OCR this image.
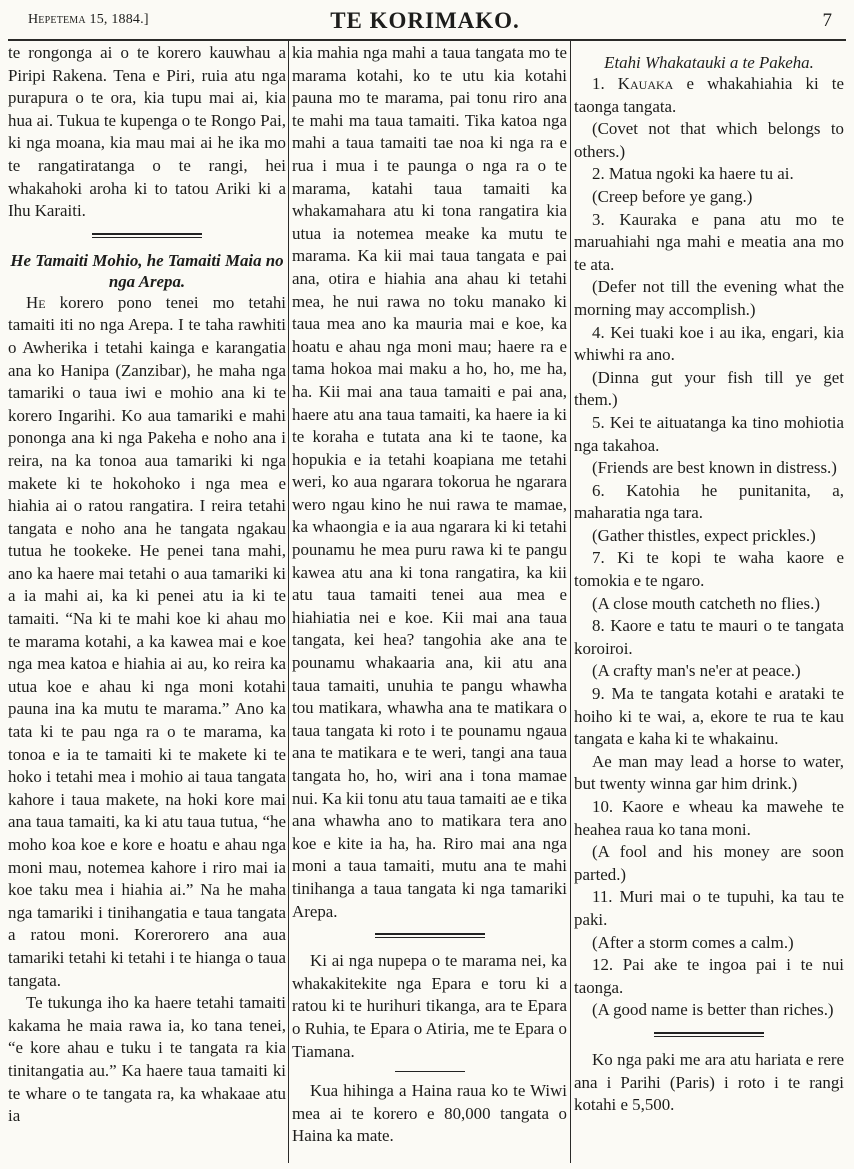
Hepetema 15, 1884.]	TE KORIMAKO.	7

te rongonga ai o te korero kauwhau a Piripi Rakena. Tena e Piri, ruia atu nga purapura o te ora, kia tupu mai ai, kia hua ai. Tukua te kupenga o te Rongo Pai, ki nga moana, kia mau mai ai he ika mo te rangatiratanga o te rangi, hei whakahoki aroha ki to tatou Ariki ki a Ihu Karaiti.

He Tamaiti Mohio, he Tamaiti Maia no nga Arepa.

He korero pono tenei mo tetahi tamaiti iti no nga Arepa. I te taha rawhiti o Awherika i tetahi kainga e karangatia ana ko Hanipa (Zanzibar), he maha nga tamariki o taua iwi e mohio ana ki te korero Ingarihi. Ko aua tamariki e mahi pononga ana ki nga Pakeha e noho ana i reira, na ka tonoa aua tamariki ki nga makete ki te hokohoko i nga mea e hiahia ai o ratou rangatira. I reira tetahi tangata e noho ana he tangata ngakau tutua he tookeke. He penei tana mahi, ano ka haere mai tetahi o aua tamariki ki a ia mahi ai, ka ki penei atu ia ki te tamaiti. “Na ki te mahi koe ki ahau mo te marama kotahi, a ka kawea mai e koe nga mea katoa e hiahia ai au, ko reira ka utua koe e ahau ki nga moni kotahi pauna ina ka mutu te marama.” Ano ka tata ki te pau nga ra o te marama, ka tonoa e ia te tamaiti ki te makete ki te hoko i tetahi mea i mohio ai taua tangata kahore i taua makete, na hoki kore mai ana taua tamaiti, ka ki atu taua tutua, “he moho koa koe e kore e hoatu e ahau nga moni mau, notemea kahore i riro mai ia koe taku mea i hiahia ai.” Na he maha nga tamariki i tinihangatia e taua tangata a ratou moni. Korerorero ana aua tamariki tetahi ki tetahi i te hianga o taua tangata.

Te tukunga iho ka haere tetahi tamaiti kakama he maia rawa ia, ko tana tenei, “e kore ahau e tuku i te tangata ra kia tinitangatia au.” Ka haere taua tamaiti ki te whare o te tangata ra, ka whakaae atu ia

kia mahia nga mahi a taua tangata mo te marama kotahi, ko te utu kia kotahi pauna mo te marama, pai tonu riro ana te mahi ma taua tamaiti. Tika katoa nga mahi a taua tamaiti tae noa ki nga ra e rua i mua i te paunga o nga ra o te marama, katahi taua tamaiti ka whakamahara atu ki tona rangatira kia utua ia notemea meake ka mutu te marama. Ka kii mai taua tangata e pai ana, otira e hiahia ana ahau ki tetahi mea, he nui rawa no toku manako ki taua mea ano ka mauria mai e koe, ka hoatu e ahau nga moni mau; haere ra e tama hokoa mai maku a ho, ho, me ha, ha. Kii mai ana taua tamaiti e pai ana, haere atu ana taua tamaiti, ka haere ia ki te koraha e tutata ana ki te taone, ka hopukia e ia tetahi koapiana me tetahi weri, ko aua ngarara tokorua he ngarara wero ngau kino he nui rawa te mamae, ka whaongia e ia aua ngarara ki ki tetahi pounamu he mea puru rawa ki te pangu kawea atu ana ki tona rangatira, ka kii atu taua tamaiti tenei aua mea e hiahiatia nei e koe. Kii mai ana taua tangata, kei hea? tangohia ake ana te pounamu whakaaria ana, kii atu ana taua tamaiti, unuhia te pangu whawha tou matikara, whawha ana te matikara o taua tangata ki roto i te pounamu ngaua ana te matikara e te weri, tangi ana taua tangata ho, ho, wiri ana i tona mamae nui. Ka kii tonu atu taua tamaiti ae e tika ana whawha ano to matikara tera ano koe e kite ia ha, ha. Riro mai ana nga moni a taua tamaiti, mutu ana te mahi tinihanga a taua tangata ki nga tamariki Arepa.

Ki ai nga nupepa o te marama nei, ka whakakitekite nga Epara e toru ki a ratou ki te hurihuri tikanga, ara te Epara o Ruhia, te Epara o Atiria, me te Epara o Tiamana.

Kua hihinga a Haina raua ko te Wiwi mea ai te korero e 80,000 tangata o Haina ka mate.

Etahi Whakatauki a te Pakeha.

1. Kauaka e whakahiahia ki te taonga tangata.

(Covet not that which belongs to others.)

2. Matua ngoki ka haere tu ai.

(Creep before ye gang.)

3. Kauraka e pana atu mo te maruahiahi nga mahi e meatia ana mo te ata.

(Defer not till the evening what the morning may accomplish.)

4. Kei tuaki koe i au ika, engari, kia whiwhi ra ano.

(Dinna gut your fish till ye get them.)

5. Kei te aituatanga ka tino mohiotia nga takahoa.

(Friends are best known in distress.)

6. Katohia he punitanita, a, maharatia nga tara.

(Gather thistles, expect prickles.)

7. Ki te kopi te waha kaore e tomokia e te ngaro.

(A close mouth catcheth no flies.)

8. Kaore e tatu te mauri o te tangata koroiroi.

(A crafty man's ne'er at peace.)

9. Ma te tangata kotahi e arataki te hoiho ki te wai, a, ekore te rua te kau tangata e kaha ki te whakainu.

Ae man may lead a horse to water, but twenty winna gar him drink.)

10. Kaore e wheau ka mawehe te heahea raua ko tana moni.

(A fool and his money are soon parted.)

11. Muri mai o te tupuhi, ka tau te paki.

(After a storm comes a calm.)

12. Pai ake te ingoa pai i te nui taonga.

(A good name is better than riches.)

Ko nga paki me ara atu hariata e rere ana i Parihi (Paris) i roto i te rangi kotahi e 5,500.
